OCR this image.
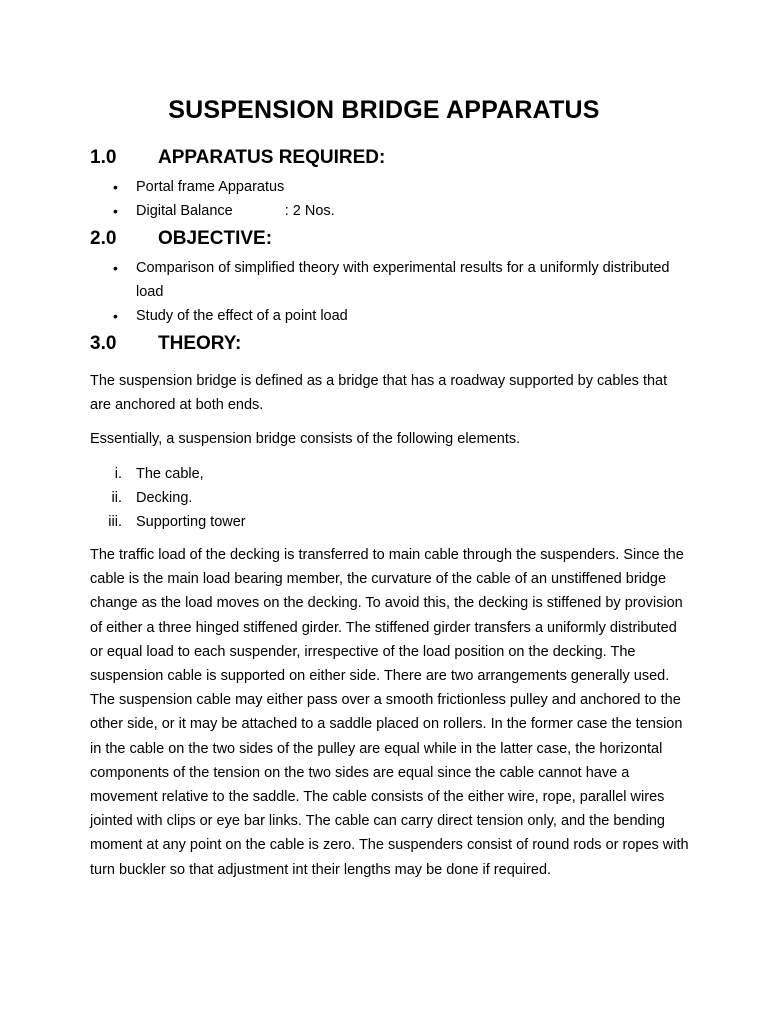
SUSPENSION BRIDGE APPARATUS
1.0 APPARATUS REQUIRED:
• Portal frame Apparatus
• Digital Balance	: 2 Nos.
2.0 OBJECTIVE:
• Comparison of simplified theory with experimental results for a uniformly distributed load
• Study of the effect of a point load
3.0 THEORY:

The suspension bridge is defined as a bridge that has a roadway supported by cables that are anchored at both ends.

Essentially, a suspension bridge consists of the following elements.

i. The cable,
ii. Decking.
iii. Supporting tower

The traffic load of the decking is transferred to main cable through the suspenders. Since the cable is the main load bearing member, the curvature of the cable of an unstiffened bridge change as the load moves on the decking. To avoid this, the decking is stiffened by provision of either a three hinged stiffened girder. The stiffened girder transfers a uniformly distributed or equal load to each suspender, irrespective of the load position on the decking. The suspension cable is supported on either side. There are two arrangements generally used. The suspension cable may either pass over a smooth frictionless pulley and anchored to the other side, or it may be attached to a saddle placed on rollers. In the former case the tension in the cable on the two sides of the pulley are equal while in the latter case, the horizontal components of the tension on the two sides are equal since the cable cannot have a movement relative to the saddle. The cable consists of the either wire, rope, parallel wires jointed with clips or eye bar links. The cable can carry direct tension only, and the bending moment at any point on the cable is zero. The suspenders consist of round rods or ropes with turn buckler so that adjustment int their lengths may be done if required.
